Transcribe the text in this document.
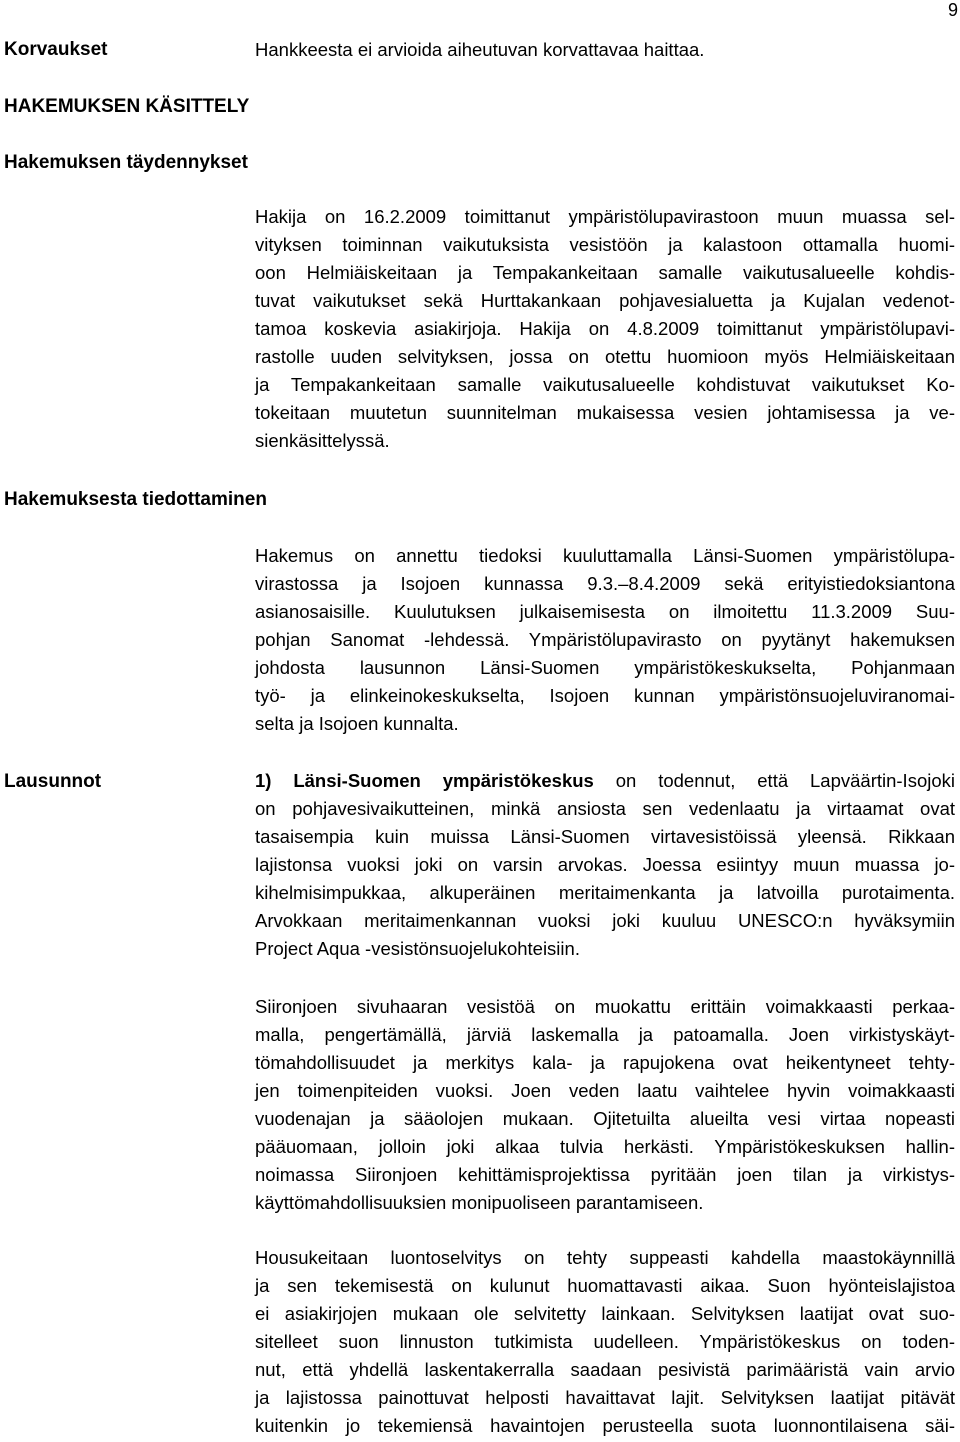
9
Korvaukset	Hankkeesta ei arvioida aiheutuvan korvattavaa haittaa.
HAKEMUKSEN KÄSITTELY
Hakemuksen täydennykset
Hakija on 16.2.2009 toimittanut ympäristölupavirastoon muun muassa sel-
vityksen toiminnan vaikutuksista vesistöön ja kalastoon ottamalla huomi-
oon Helmiäiskeitaan ja Tempakankeitaan samalle vaikutusalueelle kohdis-
tuvat vaikutukset sekä Hurttakankaan pohjavesialuetta ja Kujalan vedenot-
tamoa koskevia asiakirjoja. Hakija on 4.8.2009 toimittanut ympäristölupavi-
rastolle uuden selvityksen, jossa on otettu huomioon myös Helmiäiskeitaan
ja Tempakankeitaan samalle vaikutusalueelle kohdistuvat vaikutukset Ko-
tokeitaan muutetun suunnitelman mukaisessa vesien johtamisessa ja ve-
sienkäsittelyssä.
Hakemuksesta tiedottaminen
Hakemus on annettu tiedoksi kuuluttamalla Länsi-Suomen ympäristölupa-
virastossa ja Isojoen kunnassa 9.3.–8.4.2009 sekä erityistiedoksiantona
asianosaisille. Kuulutuksen julkaisemisesta on ilmoitettu 11.3.2009 Suu-
pohjan Sanomat -lehdessä. Ympäristölupavirasto on pyytänyt hakemuksen
johdosta lausunnon Länsi-Suomen ympäristökeskukselta, Pohjanmaan
työ- ja elinkeinokeskukselta, Isojoen kunnan ympäristönsuojeluviranomai-
selta ja Isojoen kunnalta.
Lausunnot	1) Länsi-Suomen ympäristökeskus on todennut, että Lapväärtin-Isojoki
on pohjavesivaikutteinen, minkä ansiosta sen vedenlaatu ja virtaamat ovat
tasaisempia kuin muissa Länsi-Suomen virtavesistöissä yleensä. Rikkaan
lajistonsa vuoksi joki on varsin arvokas. Joessa esiintyy muun muassa jo-
kihelmisimpukkaa, alkuperäinen meritaimenkanta ja latvoilla purotaimenta.
Arvokkaan meritaimenkannan vuoksi joki kuuluu UNESCO:n hyväksymiin
Project Aqua -vesistönsuojelukohteisiin.
Siironjoen sivuhaaran vesistöä on muokattu erittäin voimakkaasti perkaa-
malla, pengertämällä, järviä laskemalla ja patoamalla. Joen virkistyskäyt-
tömahdollisuudet ja merkitys kala- ja rapujokena ovat heikentyneet tehty-
jen toimenpiteiden vuoksi. Joen veden laatu vaihtelee hyvin voimakkaasti
vuodenajan ja sääolojen mukaan. Ojitetuilta alueilta vesi virtaa nopeasti
pääuomaan, jolloin joki alkaa tulvia herkästi. Ympäristökeskuksen hallin-
noimassa Siironjoen kehittämisprojektissa pyritään joen tilan ja virkistys-
käyttömahdollisuuksien monipuoliseen parantamiseen.
Housukeitaan luontoselvitys on tehty suppeasti kahdella maastokäynnillä
ja sen tekemisestä on kulunut huomattavasti aikaa. Suon hyönteislajistoa
ei asiakirjojen mukaan ole selvitetty lainkaan. Selvityksen laatijat ovat suo-
sitelleet suon linnuston tutkimista uudelleen. Ympäristökeskus on toden-
nut, että yhdellä laskentakerralla saadaan pesivistä parimääristä vain arvio
ja lajistossa painottuvat helposti havaittavat lajit. Selvityksen laatijat pitävät
kuitenkin jo tekemiensä havaintojen perusteella suota luonnontilaisena säi-
